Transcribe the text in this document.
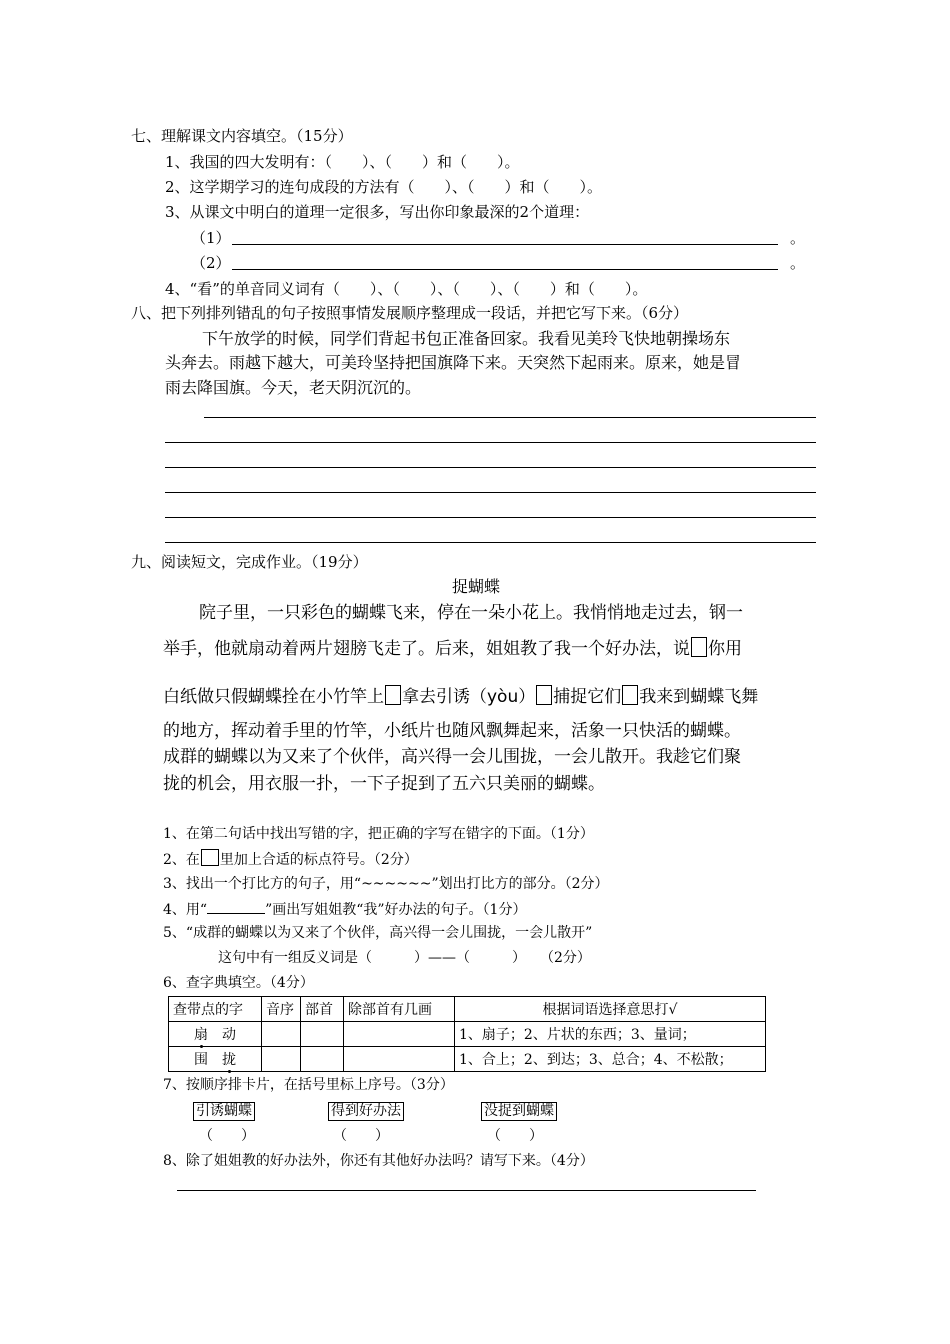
七、理解课文内容填空。（15分）
1、我国的四大发明有：（　　）、（　　）和（　　）。
2、这学期学习的连句成段的方法有（　　）、（　　）和（　　）。
3、从课文中明白的道理一定很多，写出你印象最深的2个道理：
（1）	。
（2）	。
4、“看”的单音同义词有（　　）、（　　）、（　　）、（　　）和（　　）。
八、把下列排列错乱的句子按照事情发展顺序整理成一段话，并把它写下来。（6分）
下午放学的时候，同学们背起书包正准备回家。我看见美玲飞快地朝操场东
头奔去。雨越下越大，可美玲坚持把国旗降下来。天突然下起雨来。原来，她是冒
雨去降国旗。今天，老天阴沉沉的。
九、阅读短文，完成作业。（19分）
捉蝴蝶
院子里，一只彩色的蝴蝶飞来，停在一朵小花上。我悄悄地走过去，钢一
举手，他就扇动着两片翅膀飞走了。后来，姐姐教了我一个好办法，说 你用
白纸做只假蝴蝶拴在小竹竿上 拿去引诱（yòu） 捕捉它们 我来到蝴蝶飞舞
的地方，挥动着手里的竹竿，小纸片也随风飘舞起来，活象一只快活的蝴蝶。
成群的蝴蝶以为又来了个伙伴，高兴得一会儿围拢，一会儿散开。我趁它们聚
拢的机会，用衣服一扑，一下子捉到了五六只美丽的蝴蝶。
1、在第二句话中找出写错的字，把正确的字写在错字的下面。（1分）
2、在 里加上合适的标点符号。（2分）
3、找出一个打比方的句子，用“~~~~~~”划出打比方的部分。（2分）
4、用“	”画出写姐姐教“我”好办法的句子。（1分）
5、“成群的蝴蝶以为又来了个伙伴，高兴得一会儿围拢，一会儿散开”
这句中有一组反义词是（　　　）——（　　　）　　（2分）
6、查字典填空。（4分）
查带点的字	音序	部首	除部首有几画	根据词语选择意思打√
扇　 动				1、扇子；2、片状的东西；3、量词；
围　 拢				1、合上；2、到达；3、总合；4、不松散；
7、按顺序排卡片，在括号里标上序号。（3分）
引诱蝴蝶	得到好办法	没捉到蝴蝶
（　　）	（　　）	（　　）
8、除了姐姐教的好办法外，你还有其他好办法吗？请写下来。（4分）
